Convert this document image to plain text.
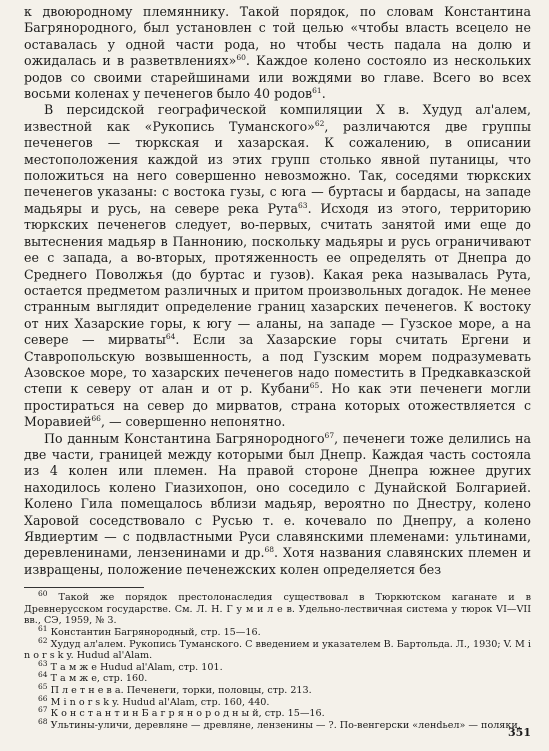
к двоюродному племяннику. Такой порядок, по словам Константина Багрянородного, был установлен с той целью «чтобы власть всецело не оставалась у одной части рода, но чтобы честь падала на долю и ожидалась и в разветвлениях»$^{60}$. Каждое колено состояло из нескольких родов со своими старейшинами или вождями во главе. Всего во всех восьми коленах у печенегов было 40 родов$^{61}$.

В персидской географической компиляции Х в. Худуд ал'алем, известной как «Рукопись Туманского»$^{62}$, различаются две группы печенегов — тюркская и хазарская. К сожалению, в описании местоположения каждой из этих групп столько явной путаницы, что положиться на него совершенно невозможно. Так, соседями тюркских печенегов указаны: с востока гузы, с юга — буртасы и бардасы, на западе мадьяры и русь, на севере река Рута$^{63}$. Исходя из этого, территорию тюркских печенегов следует, во-первых, считать занятой ими еще до вытеснения мадьяр в Паннонию, поскольку мадьяры и русь ограничивают ее с запада, а во-вторых, протяженность ее определять от Днепра до Среднего Поволжья (до буртас и гузов). Какая река называлась Рута, остается предметом различных и притом произвольных догадок. Не менее странным выглядит определение границ хазарских печенегов. К востоку от них Хазарские горы, к югу — аланы, на западе — Гузское море, а на севере — мирваты$^{64}$. Если за Хазарские горы считать Ергени и Ставропольскую возвышенность, а под Гузским морем подразумевать Азовское море, то хазарских печенегов надо поместить в Предкавказской степи к северу от алан и от р. Кубани$^{65}$. Но как эти печенеги могли простираться на север до мирватов, страна которых отожествляется с Моравией$^{66}$, — совершенно непонятно.

По данным Константина Багрянородного$^{67}$, печенеги тоже делились на две части, границей между которыми был Днепр. Каждая часть состояла из 4 колен или племен. На правой стороне Днепра южнее других находилось колено Гиазихопон, оно соседило с Дунайской Болгарией. Колено Гила помещалось вблизи мадьяр, вероятно по Днестру, колено Харовой соседствовало с Русью т. е. кочевало по Днепру, а колено Явдиертим — с подвластными Руси славянскими племенами: ультинами, деревленинами, лензенинами и др.$^{68}$. Хотя названия славянских племен и извращены, положение печенежских колен определяется без

$^{60}$ Такой же порядок престолонаследия существовал в Тюркютском каганате и в Древнерусском государстве. См. Л. Н. Г у м и л е в. Удельно-лествичная система у тюрок VI—VII вв., СЭ, 1959, № 3.

$^{61}$ Константин Багрянородный, стр. 15—16.

$^{62}$ Худуд ал'алем. Рукопись Туманского. С введением и указателем В. Бартольда. Л., 1930; V. M i n o r s k y. Hudud al'Alam.

$^{63}$ Т а м ж е Hudud al'Alam, стр. 101.

$^{64}$ Т а м ж е, стр. 160.

$^{65}$ П л е т н е в а. Печенеги, торки, половцы, стр. 213.

$^{66}$ M i n o r s k y. Hudud al'Alam, стр. 160, 440.

$^{67}$ К о н с т а н т и н Б а г р я н о р о д н ы й, стр. 15—16.

$^{68}$ Ультины-уличи, деревляне — древляне, лензенины — ?. По-венгерски «ленdьел» — поляки.

351
